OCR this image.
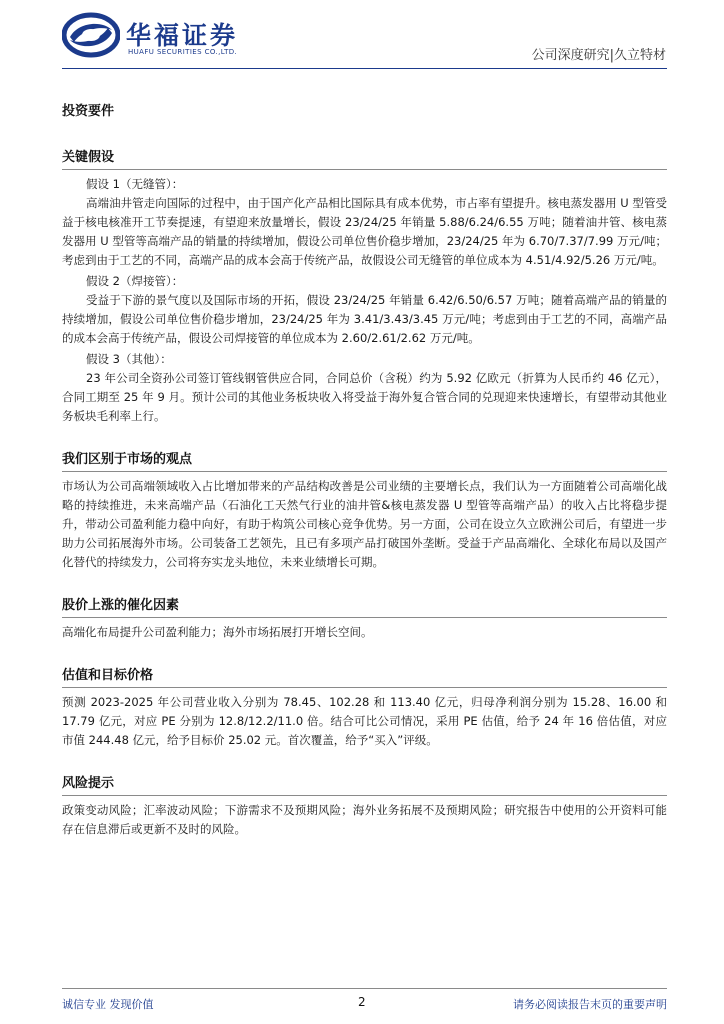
华福证券
HUAFU SECURITIES CO.,LTD.	公司深度研究|久立特材
投资要件
关键假设

假设 1（无缝管）：

高端油井管走向国际的过程中，由于国产化产品相比国际具有成本优势，市占率有望提升。核电蒸发器用 U 型管受益于核电核准开工节奏提速，有望迎来放量增长，假设 23/24/25 年销量 5.88/6.24/6.55 万吨；随着油井管、核电蒸发器用 U 型管等高端产品的销量的持续增加，假设公司单位售价稳步增加，23/24/25 年为 6.70/7.37/7.99 万元/吨；考虑到由于工艺的不同，高端产品的成本会高于传统产品，故假设公司无缝管的单位成本为 4.51/4.92/5.26 万元/吨。

假设 2（焊接管）：

受益于下游的景气度以及国际市场的开拓，假设 23/24/25 年销量 6.42/6.50/6.57 万吨；随着高端产品的销量的持续增加，假设公司单位售价稳步增加，23/24/25 年为 3.41/3.43/3.45 万元/吨；考虑到由于工艺的不同，高端产品的成本会高于传统产品，假设公司焊接管的单位成本为 2.60/2.61/2.62 万元/吨。

假设 3（其他）：

23 年公司全资孙公司签订管线钢管供应合同，合同总价（含税）约为 5.92 亿欧元（折算为人民币约 46 亿元），合同工期至 25 年 9 月。预计公司的其他业务板块收入将受益于海外复合管合同的兑现迎来快速增长，有望带动其他业务板块毛利率上行。

我们区别于市场的观点

市场认为公司高端领域收入占比增加带来的产品结构改善是公司业绩的主要增长点，我们认为一方面随着公司高端化战略的持续推进，未来高端产品（石油化工天然气行业的油井管&核电蒸发器 U 型管等高端产品）的收入占比将稳步提升，带动公司盈利能力稳中向好，有助于构筑公司核心竞争优势。另一方面，公司在设立久立欧洲公司后，有望进一步助力公司拓展海外市场。公司装备工艺领先，且已有多项产品打破国外垄断。受益于产品高端化、全球化布局以及国产化替代的持续发力，公司将夯实龙头地位，未来业绩增长可期。

股价上涨的催化因素

高端化布局提升公司盈利能力；海外市场拓展打开增长空间。

估值和目标价格

预测 2023-2025 年公司营业收入分别为 78.45、102.28 和 113.40 亿元，归母净利润分别为 15.28、16.00 和 17.79 亿元，对应 PE 分别为 12.8/12.2/11.0 倍。结合可比公司情况，采用 PE 估值，给予 24 年 16 倍估值，对应市值 244.48 亿元，给予目标价 25.02 元。首次覆盖，给予“买入”评级。

风险提示

政策变动风险；汇率波动风险；下游需求不及预期风险；海外业务拓展不及预期风险；研究报告中使用的公开资料可能存在信息滞后或更新不及时的风险。

诚信专业 发现价值	2	请务必阅读报告末页的重要声明
